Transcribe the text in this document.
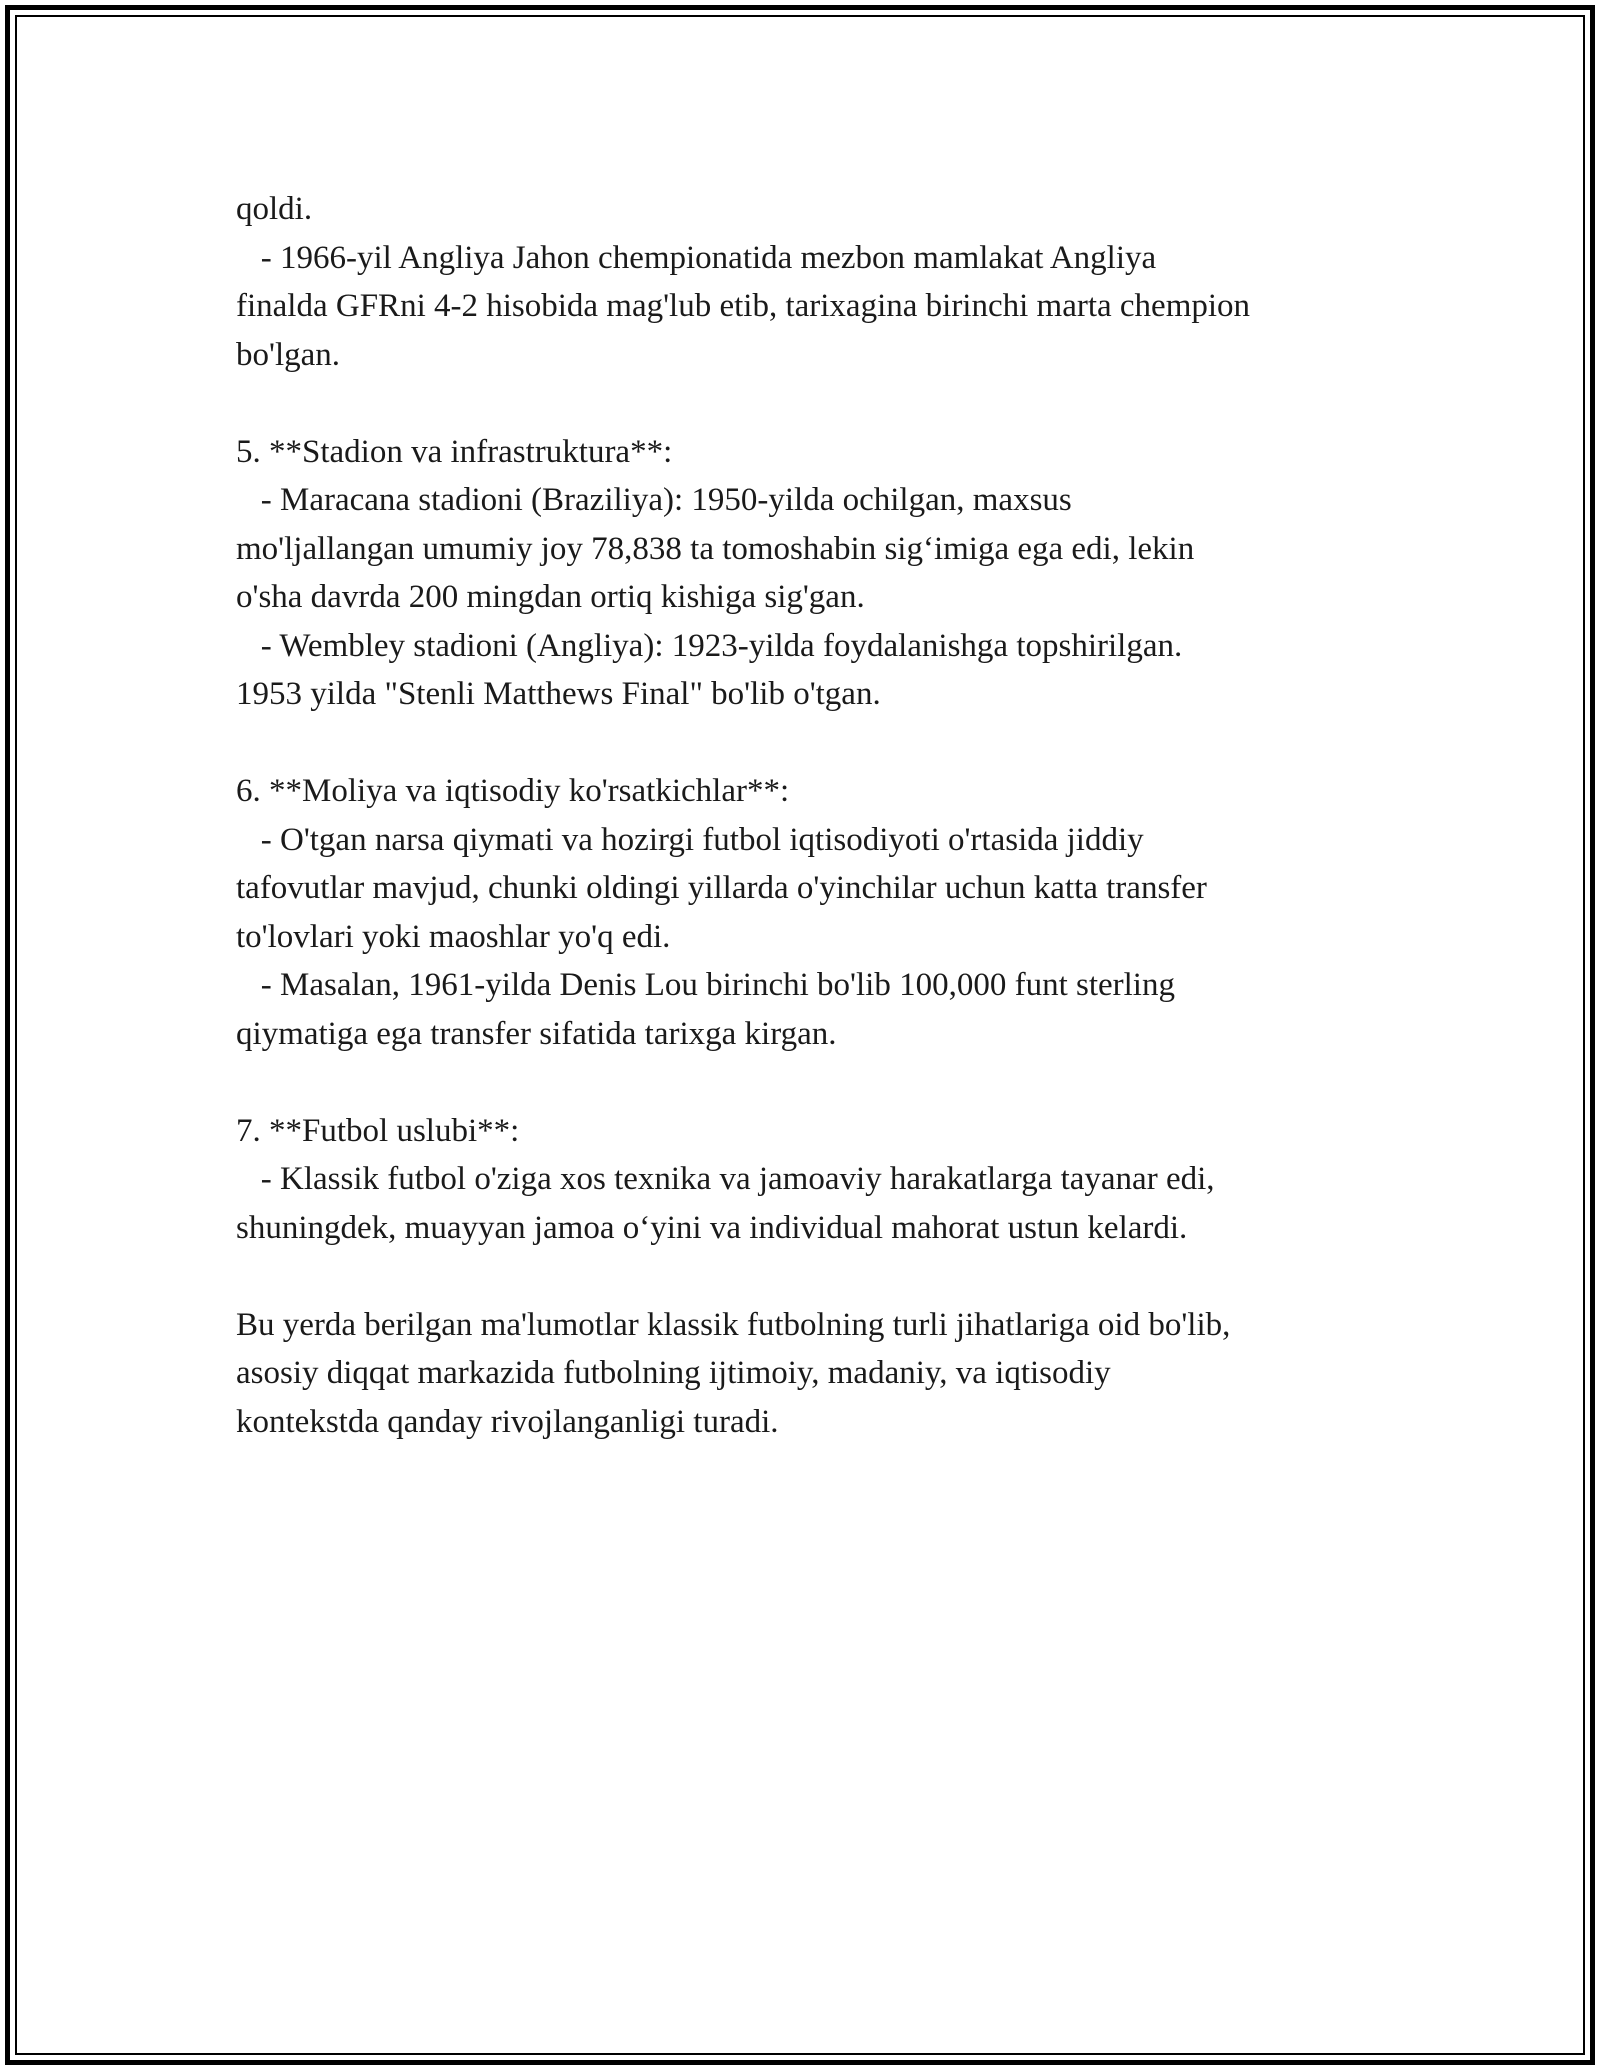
qoldi.
- 1966-yil Angliya Jahon chempionatida mezbon mamlakat Angliya
finalda GFRni 4-2 hisobida mag'lub etib, tarixagina birinchi marta chempion
bo'lgan.
5. **Stadion va infrastruktura**:
- Maracana stadioni (Braziliya): 1950-yilda ochilgan, maxsus
mo'ljallangan umumiy joy 78,838 ta tomoshabin sig‘imiga ega edi, lekin
o'sha davrda 200 mingdan ortiq kishiga sig'gan.
- Wembley stadioni (Angliya): 1923-yilda foydalanishga topshirilgan.
1953 yilda "Stenli Matthews Final" bo'lib o'tgan.
6. **Moliya va iqtisodiy ko'rsatkichlar**:
- O'tgan narsa qiymati va hozirgi futbol iqtisodiyoti o'rtasida jiddiy
tafovutlar mavjud, chunki oldingi yillarda o'yinchilar uchun katta transfer
to'lovlari yoki maoshlar yo'q edi.
- Masalan, 1961-yilda Denis Lou birinchi bo'lib 100,000 funt sterling
qiymatiga ega transfer sifatida tarixga kirgan.
7. **Futbol uslubi**:
- Klassik futbol o'ziga xos texnika va jamoaviy harakatlarga tayanar edi,
shuningdek, muayyan jamoa o‘yini va individual mahorat ustun kelardi.
Bu yerda berilgan ma'lumotlar klassik futbolning turli jihatlariga oid bo'lib,
asosiy diqqat markazida futbolning ijtimoiy, madaniy, va iqtisodiy
kontekstda qanday rivojlanganligi turadi.
